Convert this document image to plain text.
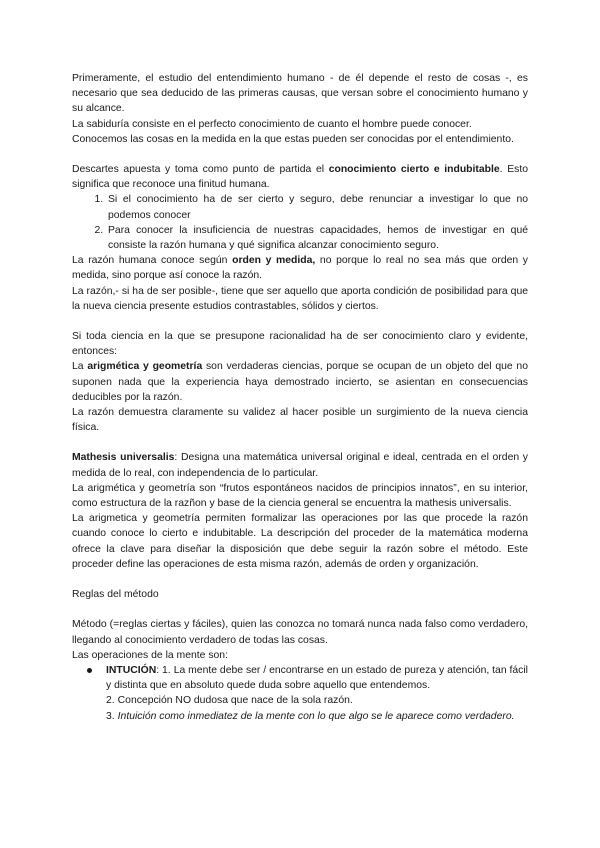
Primeramente, el estudio del entendimiento humano - de él depende el resto de cosas -, es necesario que sea deducido de las primeras causas, que versan sobre el conocimiento humano y su alcance.

La sabiduría consiste en el perfecto conocimiento de cuanto el hombre puede conocer.

Conocemos las cosas en la medida en la que estas pueden ser conocidas por el entendimiento.

Descartes apuesta y toma como punto de partida el conocimiento cierto e indubitable. Esto significa que reconoce una finitud humana.

1. Si el conocimiento ha de ser cierto y seguro, debe renunciar a investigar lo que no podemos conocer
2. Para conocer la insuficiencia de nuestras capacidades, hemos de investigar en qué consiste la razón humana y qué significa alcanzar conocimiento seguro.

La razón humana conoce según orden y medida, no porque lo real no sea más que orden y medida, sino porque así conoce la razón.

La razón,- si ha de ser posible-, tiene que ser aquello que aporta condición de posibilidad para que la nueva ciencia presente estudios contrastables, sólidos y ciertos.

Si toda ciencia en la que se presupone racionalidad ha de ser conocimiento claro y evidente, entonces:

La arigmética y geometría son verdaderas ciencias, porque se ocupan de un objeto del que no suponen nada que la experiencia haya demostrado incierto, se asientan en consecuencias deducibles por la razón.

La razón demuestra claramente su validez al hacer posible un surgimiento de la nueva ciencia física.

Mathesis universalis: Designa una matemática universal original e ideal, centrada en el orden y medida de lo real, con independencia de lo particular.

La arigmética y geometría son “frutos espontáneos nacidos de principios innatos”, en su interior, como estructura de la razñon y base de la ciencia general se encuentra la mathesis universalis.

La arigmetica y geometría permiten formalizar las operaciones por las que procede la razón cuando conoce lo cierto e indubitable. La descripción del proceder de la matemática moderna ofrece la clave para diseñar la disposición que debe seguir la razón sobre el método. Este proceder define las operaciones de esta misma razón, además de orden y organización.

Reglas del método

Método (=reglas ciertas y fáciles), quien las conozca no tomará nunca nada falso como verdadero, llegando al conocimiento verdadero de todas las cosas.

Las operaciones de la mente son:

INTUCIÓN: 1. La mente debe ser / encontrarse en un estado de pureza y atención, tan fácil y distinta que en absoluto quede duda sobre aquello que entendemos.
2. Concepción NO dudosa que nace de la sola razón.
3. Intuición como inmediatez de la mente con lo que algo se le aparece como verdadero.
